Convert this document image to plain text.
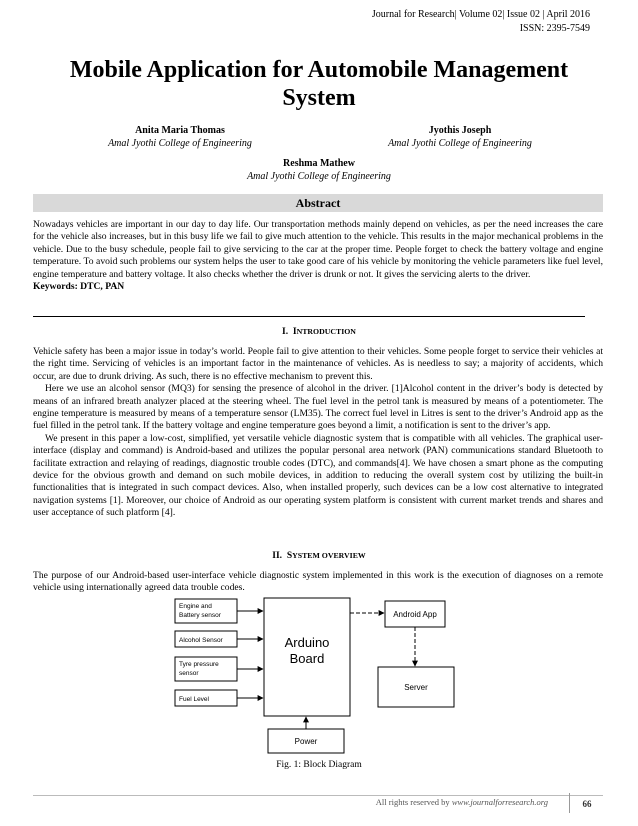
Journal for Research| Volume 02| Issue 02 | April 2016
ISSN: 2395-7549
Mobile Application for Automobile Management
System
Anita Maria Thomas
Amal Jyothi College of Engineering
Jyothis Joseph
Amal Jyothi College of Engineering
Reshma Mathew
Amal Jyothi College of Engineering
Abstract
Nowadays vehicles are important in our day to day life. Our transportation methods mainly depend on vehicles, as per the need increases the care for the vehicle also increases, but in this busy life we fail to give much attention to the vehicle. This results in the major mechanical problems in the vehicle. Due to the busy schedule, people fail to give servicing to the car at the proper time. People forget to check the battery voltage and engine temperature. To avoid such problems our system helps the user to take good care of his vehicle by monitoring the vehicle parameters like fuel level, engine temperature and battery voltage. It also checks whether the driver is drunk or not. It gives the servicing alerts to the driver.
Keywords: DTC, PAN
I. INTRODUCTION
Vehicle safety has been a major issue in today’s world. People fail to give attention to their vehicles. Some people forget to service their vehicles at the right time. Servicing of vehicles is an important factor in the maintenance of vehicles. As is needless to say; a majority of accidents, which occur, are due to drunk driving. As such, there is no effective mechanism to prevent this.
Here we use an alcohol sensor (MQ3) for sensing the presence of alcohol in the driver. [1]Alcohol content in the driver’s body is detected by means of an infrared breath analyzer placed at the steering wheel. The fuel level in the petrol tank is measured by means of a potentiometer. The engine temperature is measured by means of a temperature sensor (LM35). The correct fuel level in Litres is sent to the driver’s Android app as the fuel filled in the petrol tank. If the battery voltage and engine temperature goes beyond a limit, a notification is sent to the driver’s app.
We present in this paper a low-cost, simplified, yet versatile vehicle diagnostic system that is compatible with all vehicles. The graphical user-interface (display and command) is Android-based and utilizes the popular personal area network (PAN) communications standard Bluetooth to facilitate extraction and relaying of readings, diagnostic trouble codes (DTC), and commands[4]. We have chosen a smart phone as the computing device for the obvious growth and demand on such mobile devices, in addition to reducing the overall system cost by utilizing the built-in functionalities that is integrated in such compact devices. Also, when installed properly, such devices can be a low cost alternative to integrated navigation systems [1]. Moreover, our choice of Android as our operating system platform is consistent with current market trends and shares and user acceptance of such platform [4].
II. SYSTEM OVERVIEW
The purpose of our Android-based user-interface vehicle diagnostic system implemented in this work is the execution of diagnoses on a remote vehicle using internationally agreed data trouble codes.
Engine and
Battery sensor
Alcohol Sensor
Tyre pressure
sensor
Fuel Level
Arduino
Board
Android App
Server
Power
Fig. 1: Block Diagram
All rights reserved by www.journalforresearch.org	66
